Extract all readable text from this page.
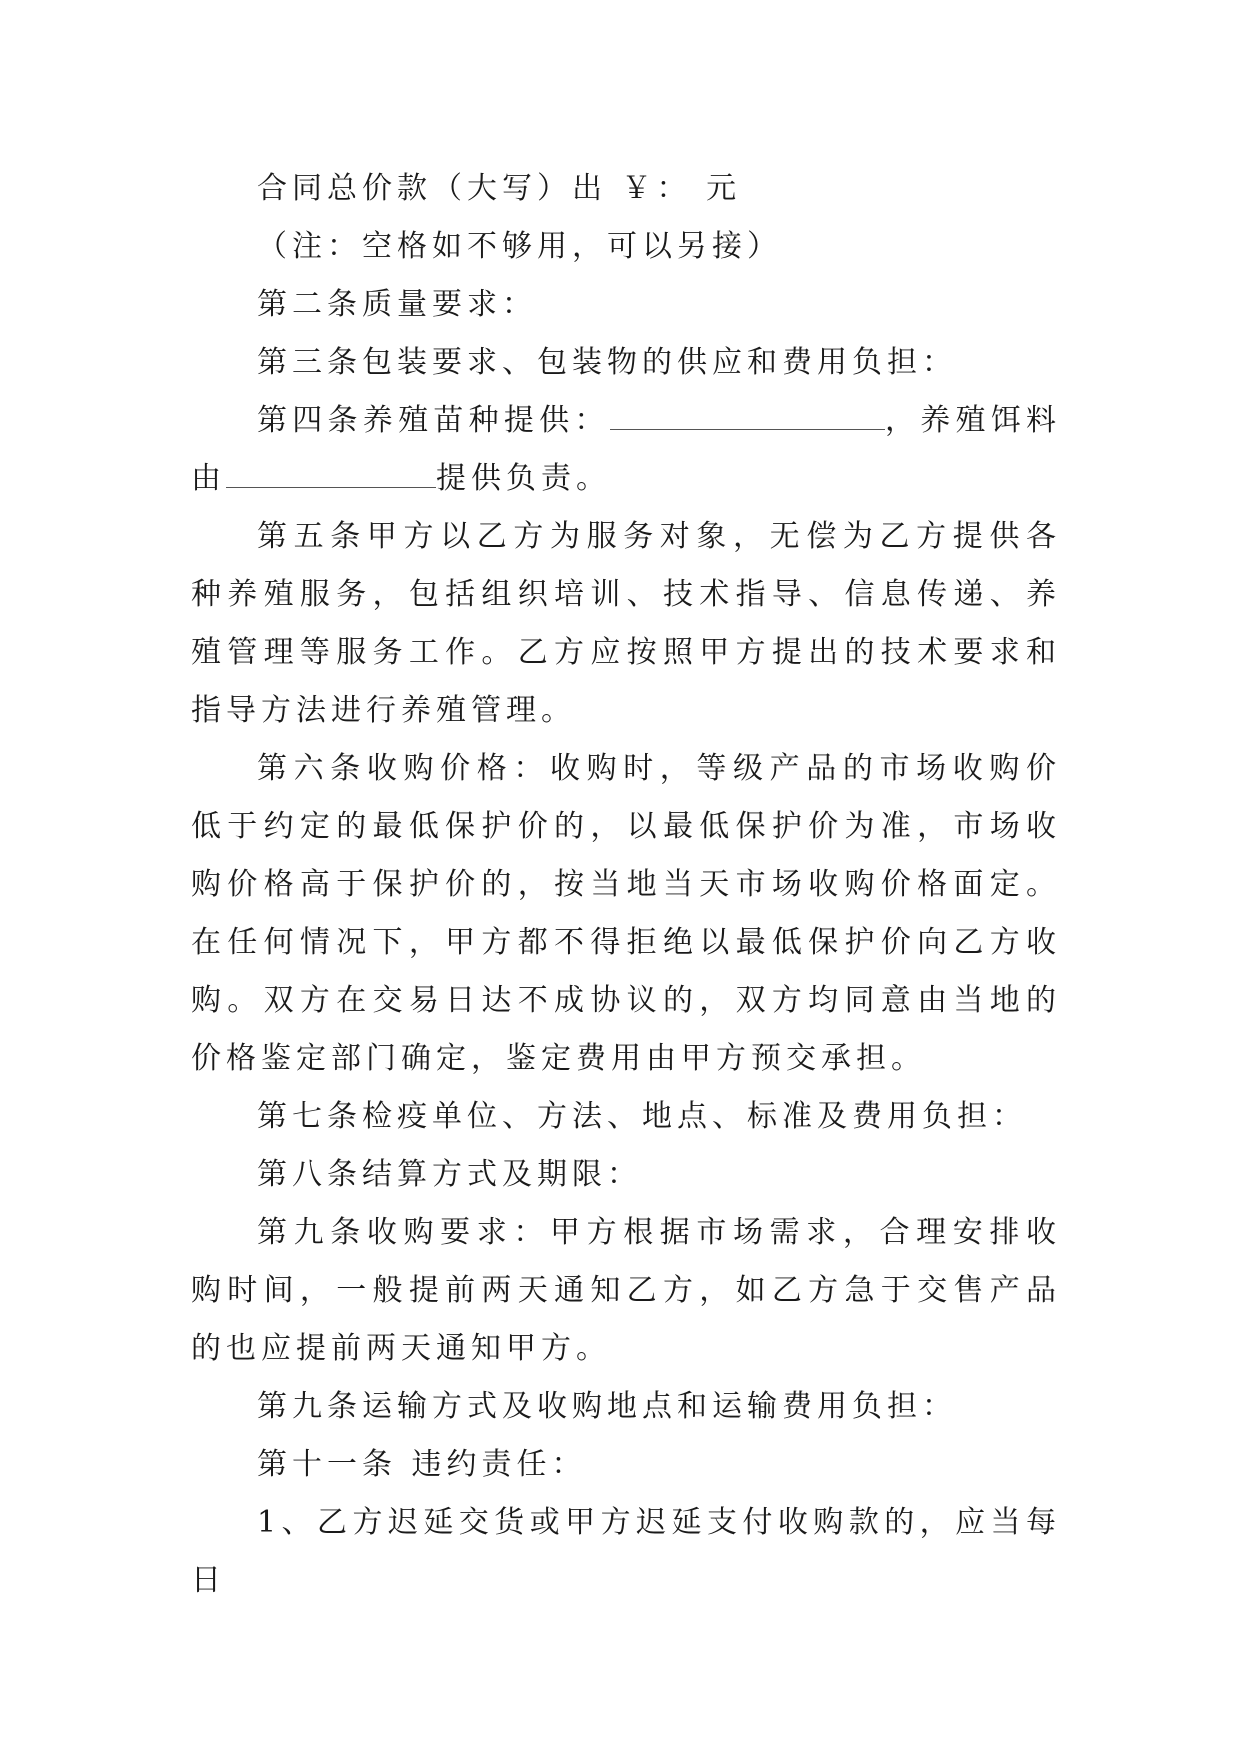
合同总价款（大写）出 ￥： 元

（注：空格如不够用，可以另接）

第二条质量要求：

第三条包装要求、包装物的供应和费用负担：

第四条养殖苗种提供：	，养殖饵料由	提供负责。

第五条甲方以乙方为服务对象，无偿为乙方提供各种养殖服务，包括组织培训、技术指导、信息传递、养殖管理等服务工作。乙方应按照甲方提出的技术要求和指导方法进行养殖管理。

第六条收购价格：收购时，等级产品的市场收购价低于约定的最低保护价的，以最低保护价为准，市场收购价格高于保护价的，按当地当天市场收购价格面定。在任何情况下，甲方都不得拒绝以最低保护价向乙方收购。双方在交易日达不成协议的，双方均同意由当地的价格鉴定部门确定，鉴定费用由甲方预交承担。

第七条检疫单位、方法、地点、标准及费用负担：

第八条结算方式及期限：

第九条收购要求：甲方根据市场需求，合理安排收购时间，一般提前两天通知乙方，如乙方急于交售产品的也应提前两天通知甲方。

第九条运输方式及收购地点和运输费用负担：

第十一条 违约责任：

1、乙方迟延交货或甲方迟延支付收购款的，应当每日
